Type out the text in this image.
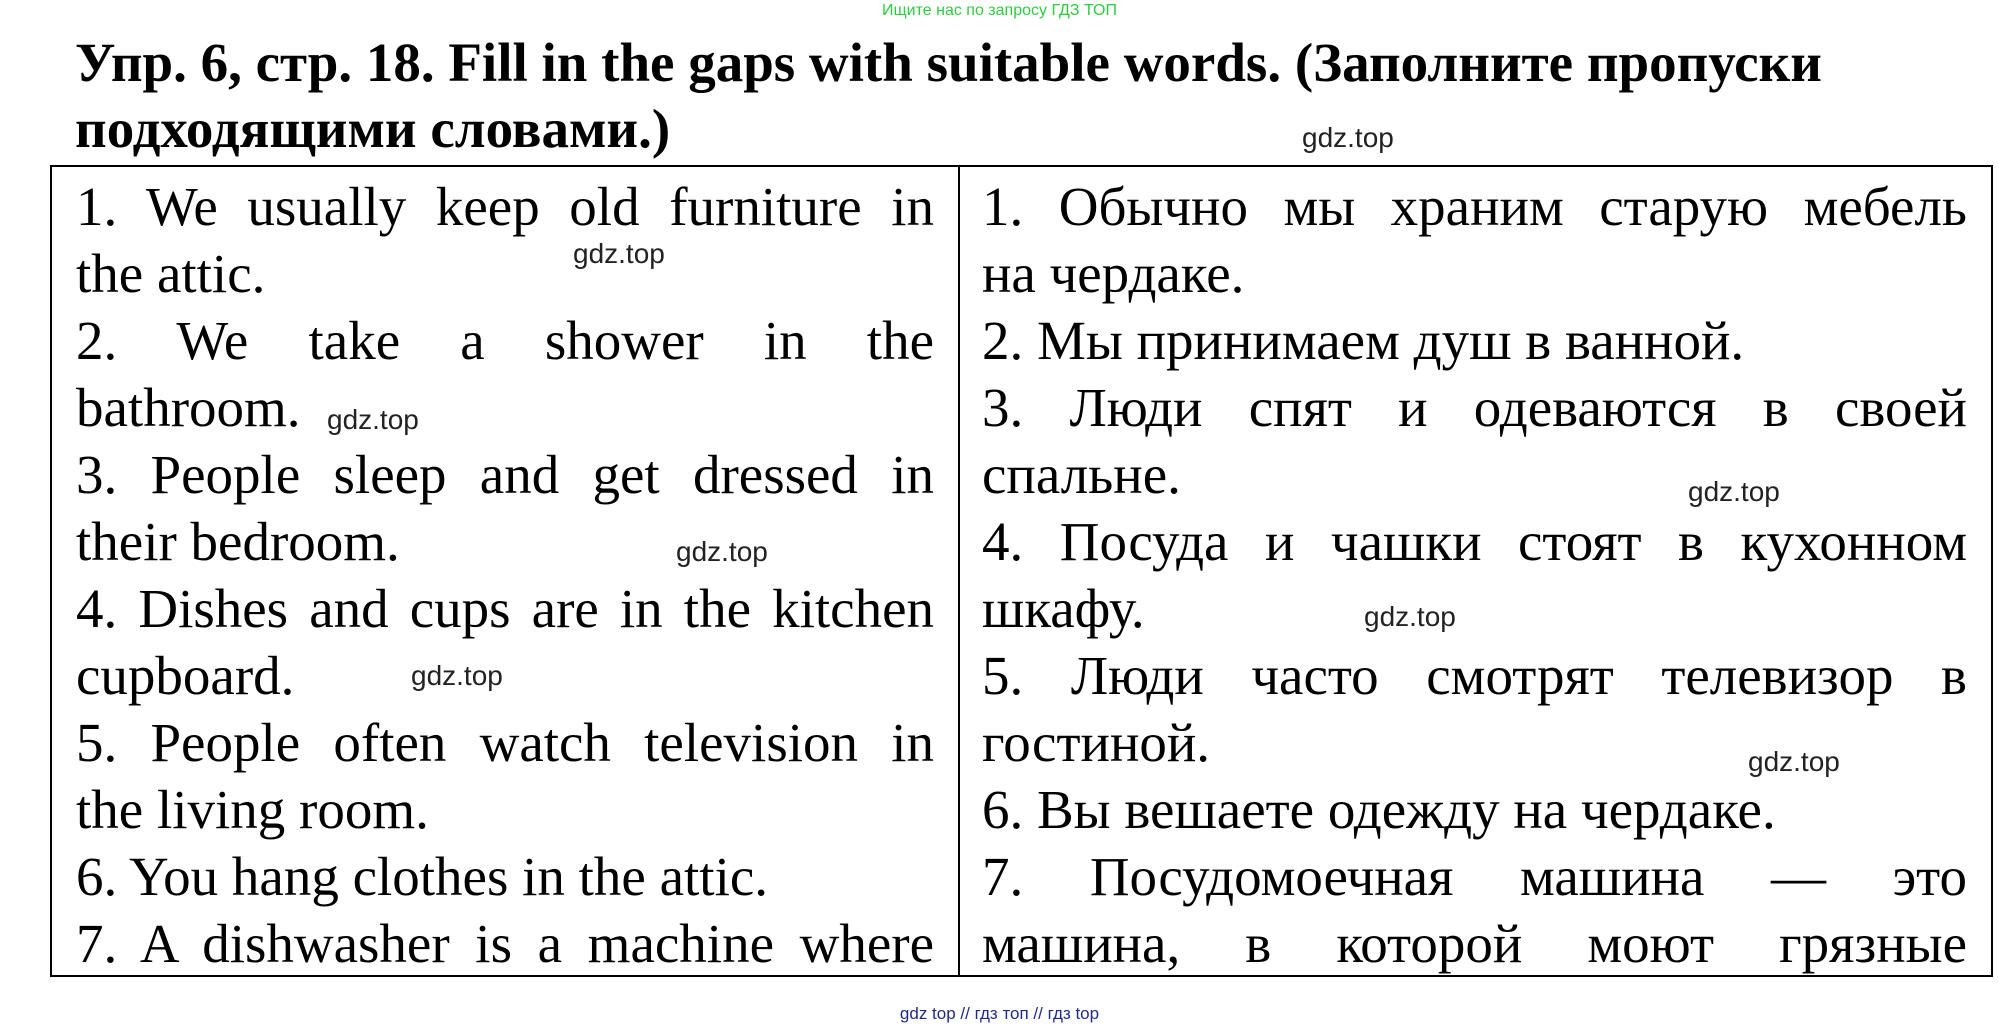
Ищите нас по запросу ГДЗ ТОП
Упр. 6, стр. 18. Fill in the gaps with suitable words. (Заполните пропуски
подходящими словами.)
1. We usually keep old furniture in
the attic.
2. We take a shower in the
bathroom.
3. People sleep and get dressed in
their bedroom.
4. Dishes and cups are in the kitchen
cupboard.
5. People often watch television in
the living room.
6. You hang clothes in the attic.
7. A dishwasher is a machine where
1. Обычно мы храним старую мебель
на чердаке.
2. Мы принимаем душ в ванной.
3. Люди спят и одеваются в своей
спальне.
4. Посуда и чашки стоят в кухонном
шкафу.
5. Люди часто смотрят телевизор в
гостиной.
6. Вы вешаете одежду на чердаке.
7. Посудомоечная машина — это
машина, в которой моют грязные
gdz.top
gdz.top
gdz.top
gdz.top
gdz.top
gdz.top
gdz.top
gdz.top
gdz top // гдз топ // гдз top
